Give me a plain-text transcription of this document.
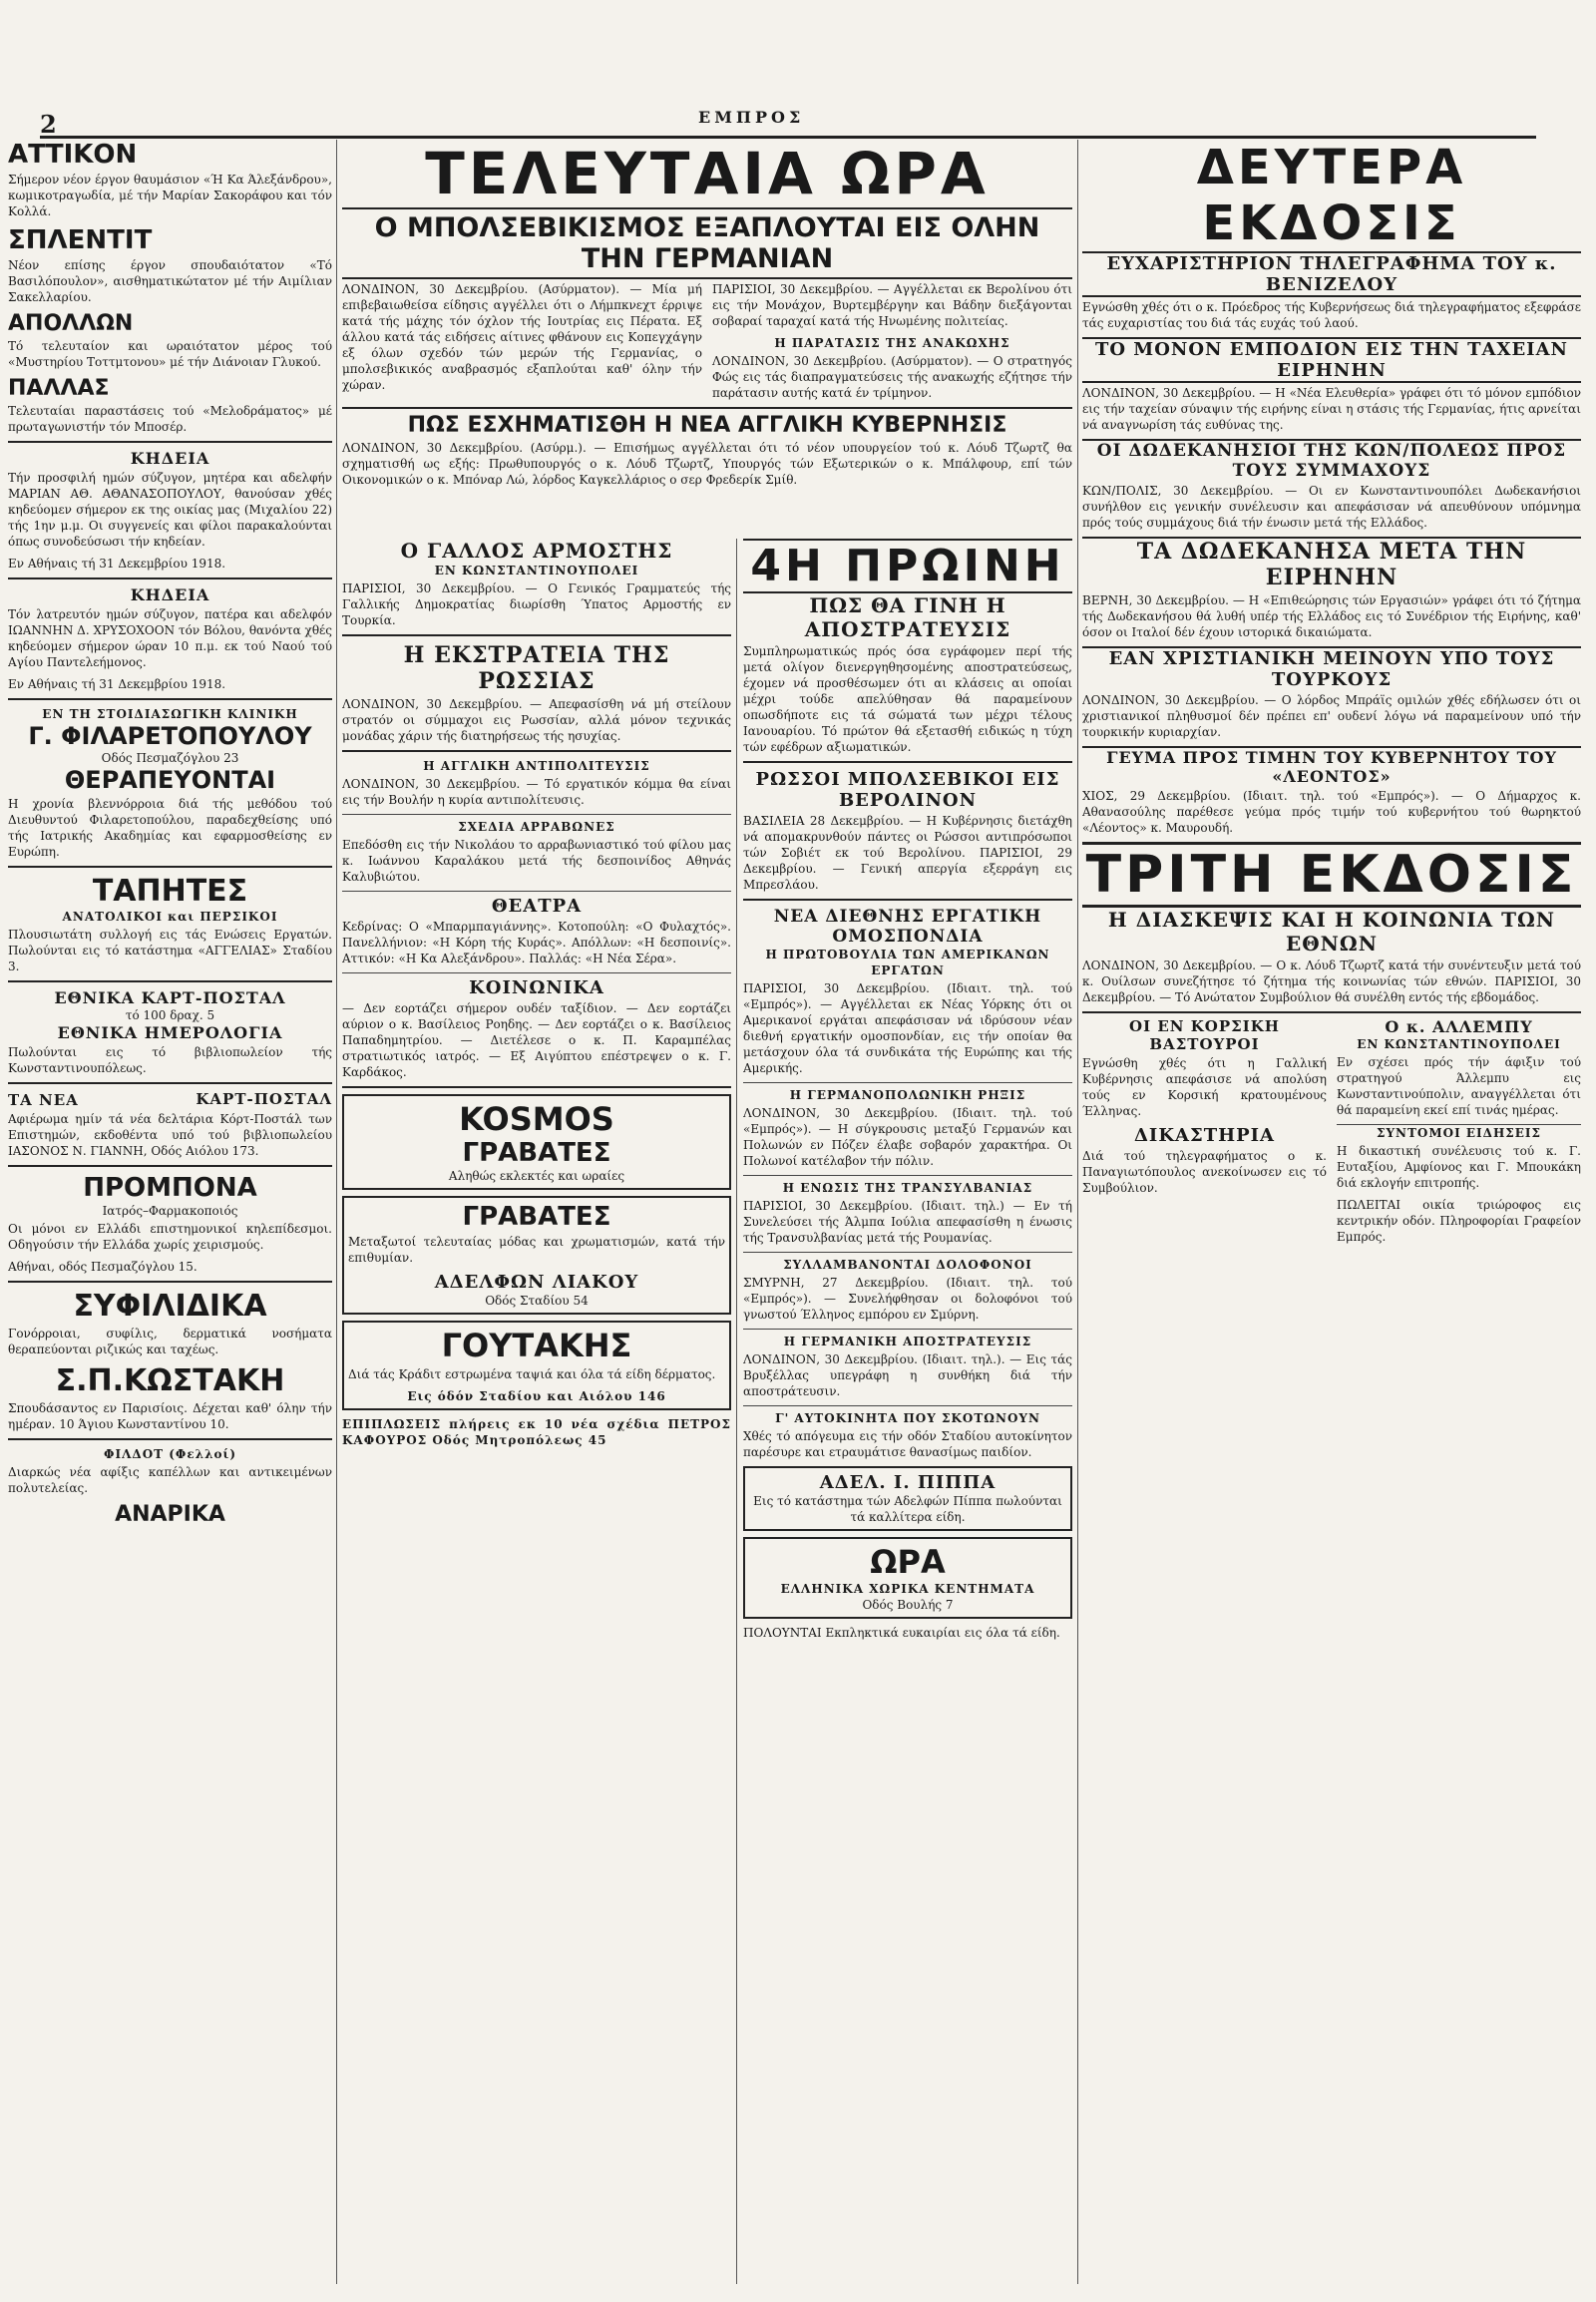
2	ΕΜΠΡΟΣ
ΑΤΤΙΚΟΝ
Σήμερον νέον έργον θαυμάσιον «Ή Κα Άλεξάνδρου», κωμικοτραγωδία, μέ τήν Μαρίαν Σακοράφου και τόν Κολλά.
ΣΠΛΕΝΤΙΤ
Νέον επίσης έργον σπουδαιότατον «Τό Βασιλόπουλον», αισθηματικώτατον μέ τήν Αιμίλιαν Σακελλαρίου.
ΑΠΟΛΛΩΝ
Τό τελευταίον και ωραιότατον μέρος τού «Μυστηρίου Τοττμτονου» μέ τήν Διάνοιαν Γλυκού.
ΠΑΛΛΑΣ
Τελευταίαι παραστάσεις τού «Μελοδράματος» μέ πρωταγωνιστήν τόν Μποσέρ.
ΚΗΔΕΙΑ
Τήν προσφιλή ημών σύζυγον, μητέρα και αδελφήν ΜΑΡΙΑΝ ΑΘ. ΑΘΑΝΑΣΟΠΟΥΛΟΥ, θανούσαν χθές κηδεύομεν σήμερον εκ της οικίας μας (Μιχαλίου 22) τής 1ην μ.μ. Οι συγγενείς και φίλοι παρακαλούνται όπως συνοδεύσωσι τήν κηδείαν.
Εν Αθήναις τή 31 Δεκεμβρίου 1918.
ΚΗΔΕΙΑ
Τόν λατρευτόν ημών σύζυγον, πατέρα και αδελφόν ΙΩΑΝΝΗΝ Δ. ΧΡΥΣΟΧΟΟΝ τόν Βόλου, θανόντα χθές κηδεύομεν σήμερον ώραν 10 π.μ. εκ τού Ναού τού Αγίου Παντελεήμονος.
Εν Αθήναις τή 31 Δεκεμβρίου 1918.
ΕΝ ΤΗ ΣΤΟΙΔΙΑΣΩΓΙΚΗ ΚΛΙΝΙΚΗ
Γ. ΦΙΛΑΡΕΤΟΠΟΥΛΟΥ
Οδός Πεσμαζόγλου 23
ΘΕΡΑΠΕΥΟΝΤΑΙ
Η χρονία βλεννόρροια διά τής μεθόδου τού Διευθυντού Φιλαρετοπούλου, παραδεχθείσης υπό τής Ιατρικής Ακαδημίας και εφαρμοσθείσης εν Ευρώπη.
ΤΑΠΗΤΕΣ
ΑΝΑΤΟΛΙΚΟΙ και ΠΕΡΣΙΚΟΙ
Πλουσιωτάτη συλλογή εις τάς Ενώσεις Εργατών. Πωλούνται εις τό κατάστημα «ΑΓΓΕΛΙΑΣ» Σταδίου 3.
ΕΘΝΙΚΑ ΚΑΡΤ-ΠΟΣΤΑΛ
τό 100 δραχ. 5
ΕΘΝΙΚΑ ΗΜΕΡΟΛΟΓΙΑ
Πωλούνται εις τό βιβλιοπωλείον τής Κωνσταντινουπόλεως.
ΤΑ ΝΕΑ	ΚΑΡΤ-ΠΟΣΤΑΛ
Αφιέρωμα ημίν τά νέα δελτάρια Κόρτ-Ποστάλ των Επιστημών, εκδοθέντα υπό τού βιβλιοπωλείου ΙΑΣΟΝΟΣ Ν. ΓΙΑΝΝΗ, Οδός Αιόλου 173.
ΠΡΟΜΠΟΝΑ
Ιατρός–Φαρμακοποιός
Οι μόνοι εν Ελλάδι επιστημονικοί κηλεπίδεσμοι. Οδηγούσιν τήν Ελλάδα χωρίς χειρισμούς.
Αθήναι, οδός Πεσμαζόγλου 15.
ΣΥΦΙΛΙΔΙΚΑ
Γονόρροιαι, συφίλις, δερματικά νοσήματα θεραπεύονται ριζικώς και ταχέως.
Σ.Π.ΚΩΣΤΑΚΗ
Σπουδάσαντος εν Παρισίοις. Δέχεται καθ' όλην τήν ημέραν. 10 Άγιου Κωνσταντίνου 10.
ΦΙΛΔΟΤ (Φελλοί)
Διαρκώς νέα αφίξις καπέλλων και αντικειμένων πολυτελείας.
ΑΝΑΡΙΚΑ
ΤΕΛΕΥΤΑΙΑ ΩΡΑ
Ο ΜΠΟΛΣΕΒΙΚΙΣΜΟΣ ΕΞΑΠΛΟΥΤΑΙ ΕΙΣ ΟΛΗΝ ΤΗΝ ΓΕΡΜΑΝΙΑΝ
ΛΟΝΔΙΝΟΝ, 30 Δεκεμβρίου. (Ασύρματον). — Μία μή επιβεβαιωθείσα είδησις αγγέλλει ότι ο Λήμπκνεχτ έρριψε κατά τής μάχης τόν όχλον τής Ιουτρίας εις Πέρατα. Εξ άλλου κατά τάς ειδήσεις αίτινες φθάνουν εις Κοπεγχάγην εξ όλων σχεδόν τών μερών τής Γερμανίας, ο μπολσεβικικός αναβρασμός εξαπλούται καθ' όλην τήν χώραν.
ΠΑΡΙΣΙΟΙ, 30 Δεκεμβρίου. — Αγγέλλεται εκ Βερολίνου ότι εις τήν Μονάχον, Βυρτεμβέργην και Βάδην διεξάγονται σοβαραί ταραχαί κατά τής Ηνωμένης πολιτείας.
Η ΠΑΡΑΤΑΣΙΣ ΤΗΣ ΑΝΑΚΩΧΗΣ
ΛΟΝΔΙΝΟΝ, 30 Δεκεμβρίου. (Ασύρματον). — Ο στρατηγός Φώς εις τάς διαπραγματεύσεις τής ανακωχής εζήτησε τήν παράτασιν αυτής κατά έν τρίμηνον.
ΠΩΣ ΕΣΧΗΜΑΤΙΣΘΗ Η ΝΕΑ ΑΓΓΛΙΚΗ ΚΥΒΕΡΝΗΣΙΣ
ΛΟΝΔΙΝΟΝ, 30 Δεκεμβρίου. (Ασύρμ.). — Επισήμως αγγέλλεται ότι τό νέον υπουργείον τού κ. Λόυδ Τζωρτζ θα σχηματισθή ως εξής: Πρωθυπουργός ο κ. Λόυδ Τζωρτζ, Υπουργός τών Εξωτερικών ο κ. Μπάλφουρ, επί τών Οικονομικών ο κ. Μπόναρ Λώ, λόρδος Καγκελλάριος ο σερ Φρεδερίκ Σμίθ.
Ο ΓΑΛΛΟΣ ΑΡΜΟΣΤΗΣ
ΕΝ ΚΩΝΣΤΑΝΤΙΝΟΥΠΟΛΕΙ
ΠΑΡΙΣΙΟΙ, 30 Δεκεμβρίου. — Ο Γενικός Γραμματεύς τής Γαλλικής Δημοκρατίας διωρίσθη Ύπατος Αρμοστής εν Τουρκία.
Η ΕΚΣΤΡΑΤΕΙΑ ΤΗΣ ΡΩΣΣΙΑΣ
ΛΟΝΔΙΝΟΝ, 30 Δεκεμβρίου. — Απεφασίσθη νά μή στείλουν στρατόν οι σύμμαχοι εις Ρωσσίαν, αλλά μόνον τεχνικάς μονάδας χάριν τής διατηρήσεως τής ησυχίας.
Η ΑΓΓΛΙΚΗ ΑΝΤΙΠΟΛΙΤΕΥΣΙΣ
ΛΟΝΔΙΝΟΝ, 30 Δεκεμβρίου. — Τό εργατικόν κόμμα θα είναι εις τήν Βουλήν η κυρία αντιπολίτευσις.
ΣΧΕΔΙΑ ΑΡΡΑΒΩΝΕΣ
Επεδόσθη εις τήν Νικολάου το αρραβωνιαστικό τού φίλου μας κ. Ιωάννου Καραλάκου μετά τής δεσποινίδος Αθηνάς Καλυβιώτου.
ΘΕΑΤΡΑ
Κεδρίνας: Ο «Μπαρμπαγιάννης». Κοτοπούλη: «Ο Φυλαχτός». Πανελλήνιον: «Η Κόρη τής Κυράς». Απόλλων: «Η δεσποινίς». Αττικόν: «Η Κα Αλεξάνδρου». Παλλάς: «Η Νέα Σέρα».
ΚΟΙΝΩΝΙΚΑ
— Δεν εορτάζει σήμερον ουδέν ταξίδιον. — Δεν εορτάζει αύριον ο κ. Βασίλειος Ροηδης. — Δεν εορτάζει ο κ. Βασίλειος Παπαδημητρίου. — Διετέλεσε ο κ. Π. Καραμπέλας στρατιωτικός ιατρός. — Εξ Αιγύπτου επέστρεψεν ο κ. Γ. Καρδάκος.
KOSMOS
ΓΡΑΒΑΤΕΣ
Αληθώς εκλεκτές και ωραίες
ΓΡΑΒΑΤΕΣ
Μεταξωτοί τελευταίας μόδας και χρωματισμών, κατά τήν επιθυμίαν.
ΑΔΕΛΦΩΝ ΛΙΑΚΟΥ
Οδός Σταδίου 54
ΓΟΥΤΑΚΗΣ
Διά τάς Κράδιτ εστρωμένα ταψιά και όλα τά είδη δέρματος.
Εις όδόν Σταδίου και Αιόλου 146
ΕΠΙΠΛΩΣΕΙΣ πλήρεις εκ 10 νέα σχέδια ΠΕΤΡΟΣ ΚΑΦΟΥΡΟΣ Οδός Μητροπόλεως 45
4Η ΠΡΩΙΝΗ
ΠΩΣ ΘΑ ΓΙΝΗ Η ΑΠΟΣΤΡΑΤΕΥΣΙΣ
Συμπληρωματικώς πρός όσα εγράφομεν περί τής μετά ολίγον διενεργηθησομένης αποστρατεύσεως, έχομεν νά προσθέσωμεν ότι αι κλάσεις αι οποίαι μέχρι τούδε απελύθησαν θά παραμείνουν οπωσδήποτε εις τά σώματά των μέχρι τέλους Ιανουαρίου. Τό πρώτον θά εξετασθή ειδικώς η τύχη τών εφέδρων αξιωματικών.
ΡΩΣΣΟΙ ΜΠΟΛΣΕΒΙΚΟΙ ΕΙΣ ΒΕΡΟΛΙΝΟΝ
ΒΑΣΙΛΕΙΑ 28 Δεκεμβρίου. — Η Κυβέρνησις διετάχθη νά απομακρυνθούν πάντες οι Ρώσσοι αντιπρόσωποι τών Σοβιέτ εκ τού Βερολίνου. ΠΑΡΙΣΙΟΙ, 29 Δεκεμβρίου. — Γενική απεργία εξερράγη εις Μπρεσλάου.
ΝΕΑ ΔΙΕΘΝΗΣ ΕΡΓΑΤΙΚΗ ΟΜΟΣΠΟΝΔΙΑ
Η ΠΡΩΤΟΒΟΥΛΙΑ ΤΩΝ ΑΜΕΡΙΚΑΝΩΝ ΕΡΓΑΤΩΝ
ΠΑΡΙΣΙΟΙ, 30 Δεκεμβρίου. (Ιδιαιτ. τηλ. τού «Εμπρός»). — Αγγέλλεται εκ Νέας Υόρκης ότι οι Αμερικανοί εργάται απεφάσισαν νά ιδρύσουν νέαν διεθνή εργατικήν ομοσπονδίαν, εις τήν οποίαν θα μετάσχουν όλα τά συνδικάτα τής Ευρώπης και τής Αμερικής.
Η ΓΕΡΜΑΝΟΠΟΛΩΝΙΚΗ ΡΗΞΙΣ
ΛΟΝΔΙΝΟΝ, 30 Δεκεμβρίου. (Ιδιαιτ. τηλ. τού «Εμπρός»). — Η σύγκρουσις μεταξύ Γερμανών και Πολωνών εν Πόζεν έλαβε σοβαρόν χαρακτήρα. Οι Πολωνοί κατέλαβον τήν πόλιν.
Η ΕΝΩΣΙΣ ΤΗΣ ΤΡΑΝΣΥΛΒΑΝΙΑΣ
ΠΑΡΙΣΙΟΙ, 30 Δεκεμβρίου. (Ιδιαιτ. τηλ.) — Εν τή Συνελεύσει τής Άλμπα Ιούλια απεφασίσθη η ένωσις τής Τρανσυλβανίας μετά τής Ρουμανίας.
ΣΥΛΛΑΜΒΑΝΟΝΤΑΙ ΔΟΛΟΦΟΝΟΙ
ΣΜΥΡΝΗ, 27 Δεκεμβρίου. (Ιδιαιτ. τηλ. τού «Εμπρός»). — Συνελήφθησαν οι δολοφόνοι τού γνωστού Έλληνος εμπόρου εν Σμύρνη.
Η ΓΕΡΜΑΝΙΚΗ ΑΠΟΣΤΡΑΤΕΥΣΙΣ
ΛΟΝΔΙΝΟΝ, 30 Δεκεμβρίου. (Ιδιαιτ. τηλ.). — Εις τάς Βρυξέλλας υπεγράφη η συνθήκη διά τήν αποστράτευσιν.
Γ' ΑΥΤΟΚΙΝΗΤΑ ΠΟΥ ΣΚΟΤΩΝΟΥΝ
Χθές τό απόγευμα εις τήν οδόν Σταδίου αυτοκίνητον παρέσυρε και ετραυμάτισε θανασίμως παιδίον.
ΑΔΕΛ. Ι. ΠΙΠΠΑ
Εις τό κατάστημα τών Αδελφών Πίππα πωλούνται τά καλλίτερα είδη.
ΩΡΑ
ΕΛΛΗΝΙΚΑ ΧΩΡΙΚΑ ΚΕΝΤΗΜΑΤΑ
Οδός Βουλής 7
ΠΟΛΟΥΝΤΑΙ Εκπληκτικά ευκαιρίαι εις όλα τά είδη.
ΔΕΥΤΕΡΑ ΕΚΔΟΣΙΣ
ΕΥΧΑΡΙΣΤΗΡΙΟΝ ΤΗΛΕΓΡΑΦΗΜΑ ΤΟΥ κ. ΒΕΝΙΖΕΛΟΥ
Εγνώσθη χθές ότι ο κ. Πρόεδρος τής Κυβερνήσεως διά τηλεγραφήματος εξεφράσε τάς ευχαριστίας του διά τάς ευχάς τού λαού.
ΤΟ ΜΟΝΟΝ ΕΜΠΟΔΙΟΝ ΕΙΣ ΤΗΝ ΤΑΧΕΙΑΝ ΕΙΡΗΝΗΝ
ΛΟΝΔΙΝΟΝ, 30 Δεκεμβρίου. — Η «Νέα Ελευθερία» γράφει ότι τό μόνον εμπόδιον εις τήν ταχείαν σύναψιν τής ειρήνης είναι η στάσις τής Γερμανίας, ήτις αρνείται νά αναγνωρίση τάς ευθύνας της.
ΟΙ ΔΩΔΕΚΑΝΗΣΙΟΙ ΤΗΣ ΚΩΝ/ΠΟΛΕΩΣ ΠΡΟΣ ΤΟΥΣ ΣΥΜΜΑΧΟΥΣ
ΚΩΝ/ΠΟΛΙΣ, 30 Δεκεμβρίου. — Οι εν Κωνσταντινουπόλει Δωδεκανήσιοι συνήλθον εις γενικήν συνέλευσιν και απεφάσισαν νά απευθύνουν υπόμνημα πρός τούς συμμάχους διά τήν ένωσιν μετά τής Ελλάδος.
ΤΑ ΔΩΔΕΚΑΝΗΣΑ ΜΕΤΑ ΤΗΝ ΕΙΡΗΝΗΝ
ΒΕΡΝΗ, 30 Δεκεμβρίου. — Η «Επιθεώρησις τών Εργασιών» γράφει ότι τό ζήτημα τής Δωδεκανήσου θά λυθή υπέρ τής Ελλάδος εις τό Συνέδριον τής Ειρήνης, καθ' όσον οι Ιταλοί δέν έχουν ιστορικά δικαιώματα.
ΕΑΝ ΧΡΙΣΤΙΑΝΙΚΗ ΜΕΙΝΟΥΝ ΥΠΟ ΤΟΥΣ ΤΟΥΡΚΟΥΣ
ΛΟΝΔΙΝΟΝ, 30 Δεκεμβρίου. — Ο λόρδος Μπράϊς ομιλών χθές εδήλωσεν ότι οι χριστιανικοί πληθυσμοί δέν πρέπει επ' ουδενί λόγω νά παραμείνουν υπό τήν τουρκικήν κυριαρχίαν.
ΓΕΥΜΑ ΠΡΟΣ ΤΙΜΗΝ ΤΟΥ ΚΥΒΕΡΝΗΤΟΥ ΤΟΥ «ΛΕΟΝΤΟΣ»
ΧΙΟΣ, 29 Δεκεμβρίου. (Ιδιαιτ. τηλ. τού «Εμπρός»). — Ο Δήμαρχος κ. Αθανασούλης παρέθεσε γεύμα πρός τιμήν τού κυβερνήτου τού θωρηκτού «Λέοντος» κ. Μαυρουδή.
ΤΡΙΤΗ ΕΚΔΟΣΙΣ
Η ΔΙΑΣΚΕΨΙΣ ΚΑΙ Η ΚΟΙΝΩΝΙΑ ΤΩΝ ΕΘΝΩΝ
ΛΟΝΔΙΝΟΝ, 30 Δεκεμβρίου. — Ο κ. Λόυδ Τζωρτζ κατά τήν συνέντευξιν μετά τού κ. Ουίλσων συνεζήτησε τό ζήτημα τής κοινωνίας τών εθνών. ΠΑΡΙΣΙΟΙ, 30 Δεκεμβρίου. — Τό Ανώτατον Συμβούλιον θά συνέλθη εντός τής εβδομάδος.
ΟΙ ΕΝ ΚΟΡΣΙΚΗ ΒΑΣΤΟΥΡΟΙ
Εγνώσθη χθές ότι η Γαλλική Κυβέρνησις απεφάσισε νά απολύση τούς εν Κορσική κρατουμένους Έλληνας.
ΔΙΚΑΣΤΗΡΙΑ
Διά τού τηλεγραφήματος ο κ. Παναγιωτόπουλος ανεκοίνωσεν εις τό Συμβούλιον.
Ο κ. ΑΛΛΕΜΠΥ
ΕΝ ΚΩΝΣΤΑΝΤΙΝΟΥΠΟΛΕΙ
Εν σχέσει πρός τήν άφιξιν τού στρατηγού Άλλεμπυ εις Κωνσταντινούπολιν, αναγγέλλεται ότι θά παραμείνη εκεί επί τινάς ημέρας.
ΣΥΝΤΟΜΟΙ ΕΙΔΗΣΕΙΣ
Η δικαστική συνέλευσις τού κ. Γ. Ευταξίου, Αμφίονος και Γ. Μπουκάκη διά εκλογήν επιτροπής.
ΠΩΛΕΙΤΑΙ οικία τριώροφος εις κεντρικήν οδόν. Πληροφορίαι Γραφείον Εμπρός.
